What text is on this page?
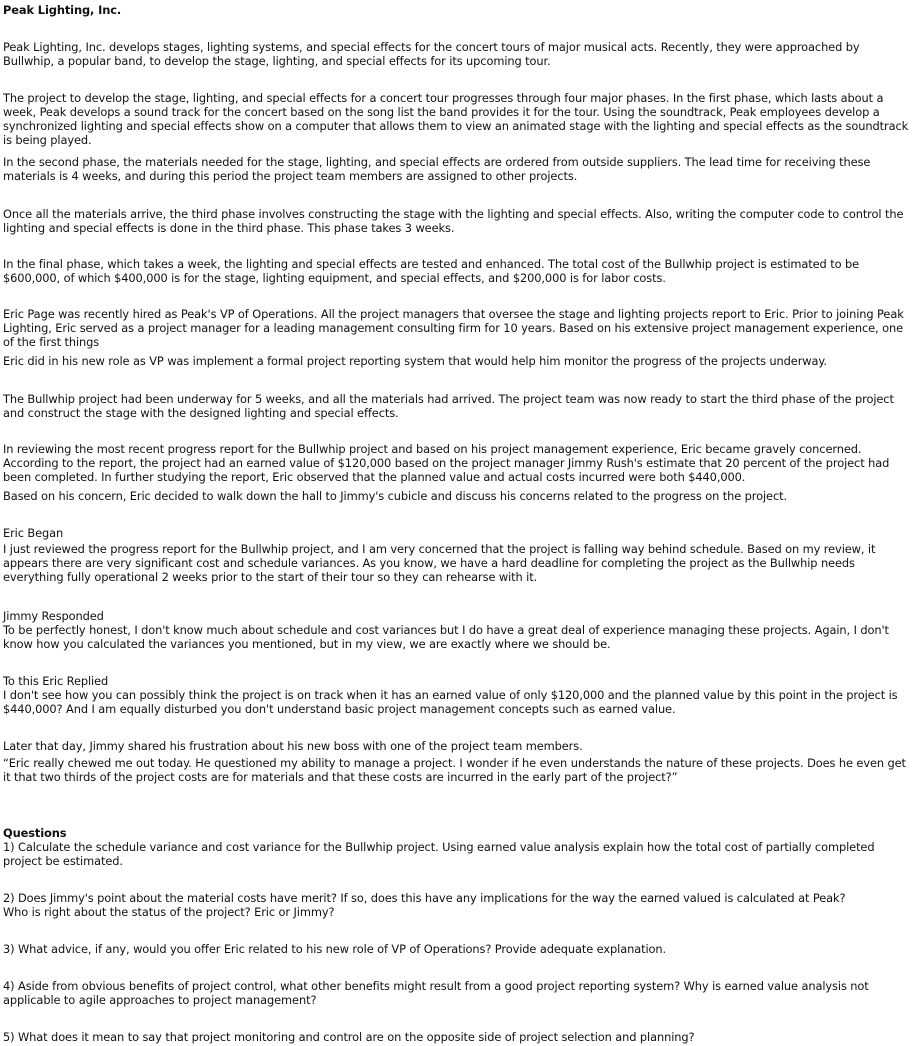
Peak Lighting, Inc.
Peak Lighting, Inc. develops stages, lighting systems, and special effects for the concert tours of major musical acts. Recently, they were approached by Bullwhip, a popular band, to develop the stage, lighting, and special effects for its upcoming tour.
The project to develop the stage, lighting, and special effects for a concert tour progresses through four major phases. In the first phase, which lasts about a week, Peak develops a sound track for the concert based on the song list the band provides it for the tour. Using the soundtrack, Peak employees develop a synchronized lighting and special effects show on a computer that allows them to view an animated stage with the lighting and special effects as the soundtrack is being played.
In the second phase, the materials needed for the stage, lighting, and special effects are ordered from outside suppliers. The lead time for receiving these materials is 4 weeks, and during this period the project team members are assigned to other projects.
Once all the materials arrive, the third phase involves constructing the stage with the lighting and special effects. Also, writing the computer code to control the lighting and special effects is done in the third phase. This phase takes 3 weeks.
In the final phase, which takes a week, the lighting and special effects are tested and enhanced. The total cost of the Bullwhip project is estimated to be $600,000, of which $400,000 is for the stage, lighting equipment, and special effects, and $200,000 is for labor costs.
Eric Page was recently hired as Peak's VP of Operations. All the project managers that oversee the stage and lighting projects report to Eric. Prior to joining Peak Lighting, Eric served as a project manager for a leading management consulting firm for 10 years. Based on his extensive project management experience, one of the first things
Eric did in his new role as VP was implement a formal project reporting system that would help him monitor the progress of the projects underway.
The Bullwhip project had been underway for 5 weeks, and all the materials had arrived. The project team was now ready to start the third phase of the project and construct the stage with the designed lighting and special effects.
In reviewing the most recent progress report for the Bullwhip project and based on his project management experience, Eric became gravely concerned. According to the report, the project had an earned value of $120,000 based on the project manager Jimmy Rush's estimate that 20 percent of the project had been completed. In further studying the report, Eric observed that the planned value and actual costs incurred were both $440,000.
Based on his concern, Eric decided to walk down the hall to Jimmy's cubicle and discuss his concerns related to the progress on the project.
Eric Began
I just reviewed the progress report for the Bullwhip project, and I am very concerned that the project is falling way behind schedule. Based on my review, it appears there are very significant cost and schedule variances. As you know, we have a hard deadline for completing the project as the Bullwhip needs everything fully operational 2 weeks prior to the start of their tour so they can rehearse with it.
Jimmy Responded
To be perfectly honest, I don't know much about schedule and cost variances but I do have a great deal of experience managing these projects. Again, I don't know how you calculated the variances you mentioned, but in my view, we are exactly where we should be.
To this Eric Replied
I don't see how you can possibly think the project is on track when it has an earned value of only $120,000 and the planned value by this point in the project is $440,000? And I am equally disturbed you don't understand basic project management concepts such as earned value.
Later that day, Jimmy shared his frustration about his new boss with one of the project team members.
“Eric really chewed me out today. He questioned my ability to manage a project. I wonder if he even understands the nature of these projects. Does he even get it that two thirds of the project costs are for materials and that these costs are incurred in the early part of the project?”
Questions
1) Calculate the schedule variance and cost variance for the Bullwhip project. Using earned value analysis explain how the total cost of partially completed project be estimated.
2) Does Jimmy's point about the material costs have merit? If so, does this have any implications for the way the earned valued is calculated at Peak?
Who is right about the status of the project? Eric or Jimmy?
3) What advice, if any, would you offer Eric related to his new role of VP of Operations? Provide adequate explanation.
4) Aside from obvious benefits of project control, what other benefits might result from a good project reporting system? Why is earned value analysis not applicable to agile approaches to project management?
5) What does it mean to say that project monitoring and control are on the opposite side of project selection and planning?
